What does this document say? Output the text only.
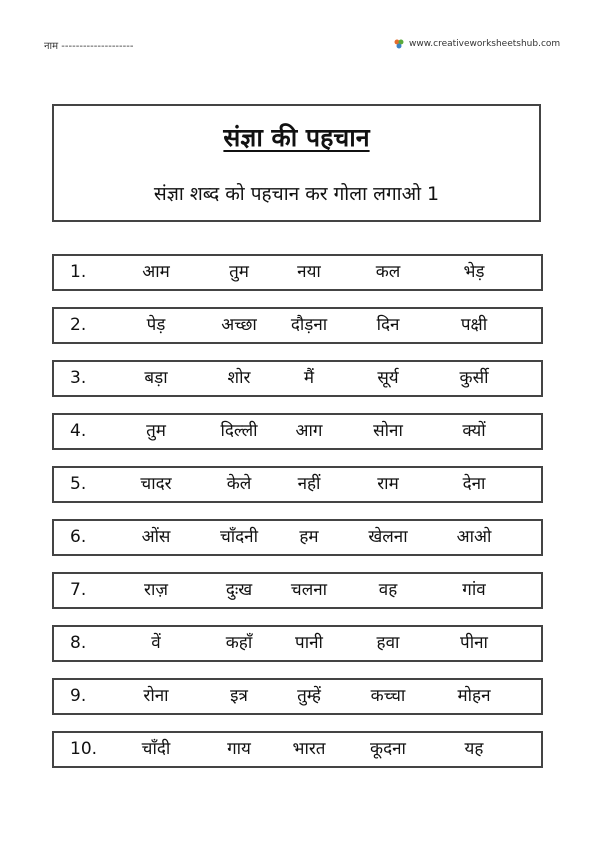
नाम --------------------	www.creativeworksheetshub.com
संज्ञा की पहचान
संज्ञा शब्द को पहचान कर गोला लगाओ 1
1.	आम	तुम	नया	कल	भेड़
2.	पेड़	अच्छा	दौड़ना	दिन	पक्षी
3.	बड़ा	शोर	मैं	सूर्य	कुर्सी
4.	तुम	दिल्ली	आग	सोना	क्यों
5.	चादर	केले	नहीं	राम	देना
6.	ओंस	चाँदनी	हम	खेलना	आओ
7.	राज़	दुःख	चलना	वह	गांव
8.	वें	कहाँ	पानी	हवा	पीना
9.	रोना	इत्र	तुम्हें	कच्चा	मोहन
10.	चाँदी	गाय	भारत	कूदना	यह
